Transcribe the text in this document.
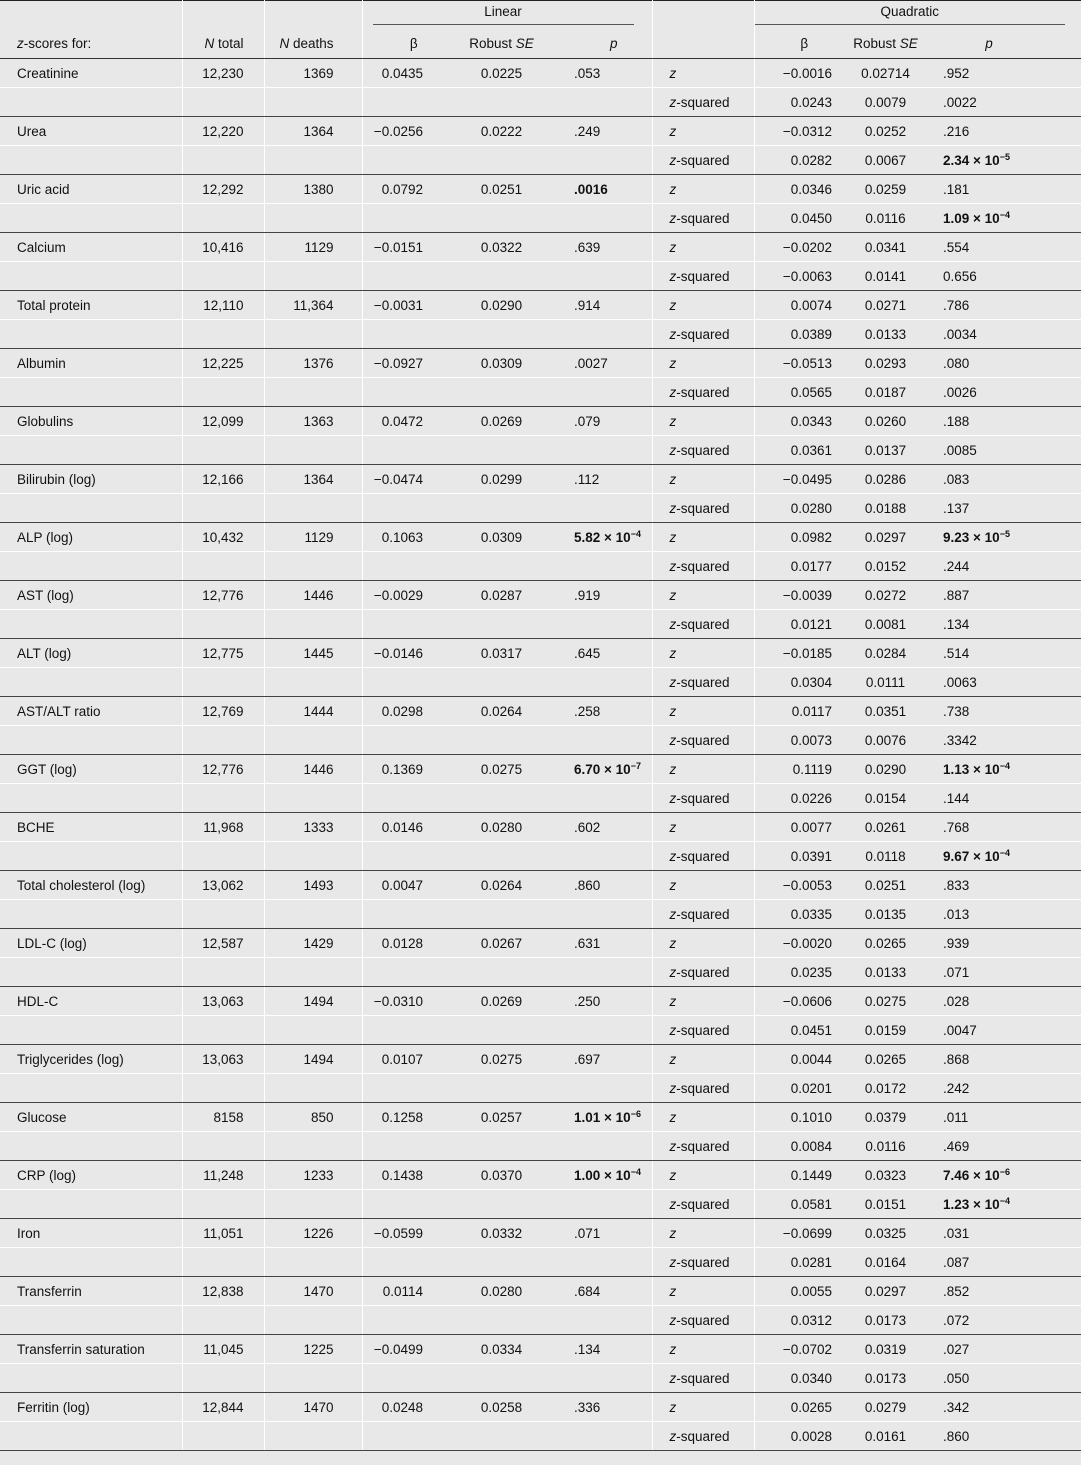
			Linear				Quadratic		

z-scores for:	N total	N deaths	β	Robust SE	p		β	Robust SE	p
Creatinine	12,230	1369	0.0435	0.0225	.053	z	−0.0016	0.02714	.952
						z-squared	0.0243	0.0079	.0022
Urea	12,220	1364	−0.0256	0.0222	.249	z	−0.0312	0.0252	.216
						z-squared	0.0282	0.0067	$2.34 \times 10^{-5}$
Uric acid	12,292	1380	0.0792	0.0251	.0016	z	0.0346	0.0259	.181
						z-squared	0.0450	0.0116	$1.09 \times 10^{-4}$
Calcium	10,416	1129	−0.0151	0.0322	.639	z	−0.0202	0.0341	.554
						z-squared	−0.0063	0.0141	0.656
Total protein	12,110	11,364	−0.0031	0.0290	.914	z	0.0074	0.0271	.786
						z-squared	0.0389	0.0133	.0034
Albumin	12,225	1376	−0.0927	0.0309	.0027	z	−0.0513	0.0293	.080
						z-squared	0.0565	0.0187	.0026
Globulins	12,099	1363	0.0472	0.0269	.079	z	0.0343	0.0260	.188
						z-squared	0.0361	0.0137	.0085
Bilirubin (log)	12,166	1364	−0.0474	0.0299	.112	z	−0.0495	0.0286	.083
						z-squared	0.0280	0.0188	.137
ALP (log)	10,432	1129	0.1063	0.0309	$5.82 \times 10^{-4}$	z	0.0982	0.0297	$9.23 \times 10^{-5}$
						z-squared	0.0177	0.0152	.244
AST (log)	12,776	1446	−0.0029	0.0287	.919	z	−0.0039	0.0272	.887
						z-squared	0.0121	0.0081	.134
ALT (log)	12,775	1445	−0.0146	0.0317	.645	z	−0.0185	0.0284	.514
						z-squared	0.0304	0.0111	.0063
AST/ALT ratio	12,769	1444	0.0298	0.0264	.258	z	0.0117	0.0351	.738
						z-squared	0.0073	0.0076	.3342
GGT (log)	12,776	1446	0.1369	0.0275	$6.70 \times 10^{-7}$	z	0.1119	0.0290	$1.13 \times 10^{-4}$
						z-squared	0.0226	0.0154	.144
BCHE	11,968	1333	0.0146	0.0280	.602	z	0.0077	0.0261	.768
						z-squared	0.0391	0.0118	$9.67 \times 10^{-4}$
Total cholesterol (log)	13,062	1493	0.0047	0.0264	.860	z	−0.0053	0.0251	.833
						z-squared	0.0335	0.0135	.013
LDL-C (log)	12,587	1429	0.0128	0.0267	.631	z	−0.0020	0.0265	.939
						z-squared	0.0235	0.0133	.071
HDL-C	13,063	1494	−0.0310	0.0269	.250	z	−0.0606	0.0275	.028
						z-squared	0.0451	0.0159	.0047
Triglycerides (log)	13,063	1494	0.0107	0.0275	.697	z	0.0044	0.0265	.868
						z-squared	0.0201	0.0172	.242
Glucose	8158	850	0.1258	0.0257	$1.01 \times 10^{-6}$	z	0.1010	0.0379	.011
						z-squared	0.0084	0.0116	.469
CRP (log)	11,248	1233	0.1438	0.0370	$1.00 \times 10^{-4}$	z	0.1449	0.0323	$7.46 \times 10^{-6}$
						z-squared	0.0581	0.0151	$1.23 \times 10^{-4}$
Iron	11,051	1226	−0.0599	0.0332	.071	z	−0.0699	0.0325	.031
						z-squared	0.0281	0.0164	.087
Transferrin	12,838	1470	0.0114	0.0280	.684	z	0.0055	0.0297	.852
						z-squared	0.0312	0.0173	.072
Transferrin saturation	11,045	1225	−0.0499	0.0334	.134	z	−0.0702	0.0319	.027
						z-squared	0.0340	0.0173	.050
Ferritin (log)	12,844	1470	0.0248	0.0258	.336	z	0.0265	0.0279	.342
						z-squared	0.0028	0.0161	.860
